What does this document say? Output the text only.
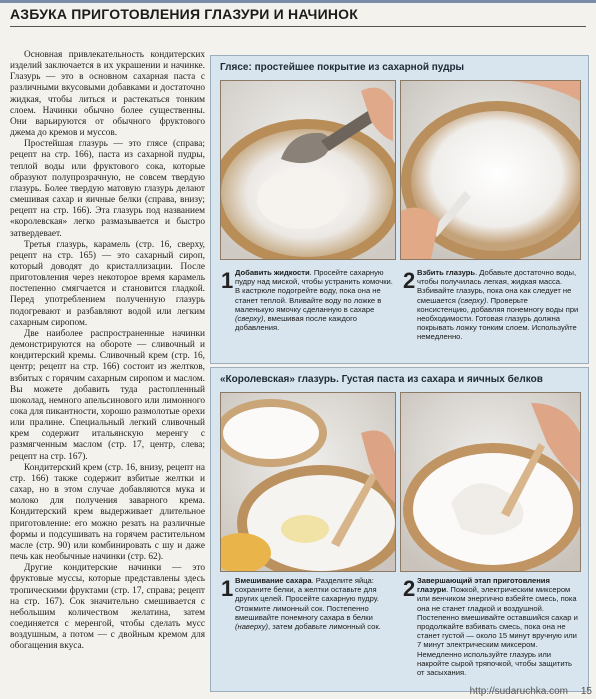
АЗБУКА ПРИГОТОВЛЕНИЯ ГЛАЗУРИ И НАЧИНОК

Основная привлекательность кондитерских изделий заключается в их украшении и начинке. Глазурь — это в основном сахарная паста с различными вкусовыми добавками и достаточно жидкая, чтобы литься и растекаться тонким слоем. Начинки обычно более существенны. Они варьируются от обычного фруктового джема до кремов и муссов.

Простейшая глазурь — это глясе (справа; рецепт на стр. 166), паста из сахарной пудры, теплой воды или фруктового сока, которые образуют полупрозрачную, не совсем твердую глазурь. Более твердую матовую глазурь делают смешивая сахар и яичные белки (справа, внизу; рецепт на стр. 166). Эта глазурь под названием «королевская» легко размазывается и быстро затвердевает.

Третья глазурь, карамель (стр. 16, сверху, рецепт на стр. 165) — это сахарный сироп, который доводят до кристаллизации. После приготовления через некоторое время карамель постепенно смягчается и становится гладкой. Перед употреблением полученную глазурь подогревают и разбавляют водой или легким сахарным сиропом.

Две наиболее распространенные начинки демонстрируются на обороте — сливочный и кондитерский кремы. Сливочный крем (стр. 16, центр; рецепт на стр. 166) состоит из желтков, взбитых с горячим сахарным сиропом и маслом. Вы можете добавить туда растопленный шоколад, немного апельсинового или лимонного сока для пикантности, хорошо размолотые орехи или пралине. Специальный легкий сливочный крем содержит итальянскую меренгу с размягченным маслом (стр. 17, центр, слева; рецепт на стр. 167).

Кондитерский крем (стр. 16, внизу, рецепт на стр. 166) также содержит взбитые желтки и сахар, но в этом случае добавляются мука и молоко для получения заварного крема. Кондитерский крем выдерживает длительное приготовление: его можно резать на различные формы и подсушивать на горячем растительном масле (стр. 90) или комбинировать с шу и даже печь как необычные начинки (стр. 62).

Другие кондитерские начинки — это фруктовые муссы, которые представлены здесь тропическими фруктами (стр. 17, справа; рецепт на стр. 167). Сок значительно смешивается с небольшим количеством желатина, затем соединяется с меренгой, чтобы сделать мусс воздушным, а потом — с двойным кремом для обогащения вкуса.

Глясе: простейшее покрытие из сахарной пудры
1 Добавить жидкости. Просейте сахарную пудру над миской, чтобы устранить комочки. В кастрюле подогрейте воду, пока она не станет теплой. Вливайте воду по ложке в маленькую ямочку сделанную в сахаре (сверху), вмешивая после каждого добавления.
2 Взбить глазурь. Добавьте достаточно воды, чтобы получилась легкая, жидкая масса. Взбивайте глазурь, пока она как следует не смешается (сверху). Проверьте консистенцию, добавляя понемногу воды при необходимости. Готовая глазурь должна покрывать ложку тонким слоем. Используйте немедленно.
«Королевская» глазурь. Густая паста из сахара и яичных белков
1 Вмешивание сахара. Разделите яйца: сохраните белки, а желтки оставьте для других целей. Просейте сахарную пудру. Отожмите лимонный сок. Постепенно вмешивайте понемногу сахара в белки (наверху), затем добавьте лимонный сок.
2 Завершающий этап приготовления глазури. Пожкой, электрическим миксером или венчиком энергично взбейте смесь, пока она не станет гладкой и воздушной. Постепенно вмешивайте оставшийся сахар и продолжайте взбивать смесь, пока она не станет густой — около 15 минут вручную или 7 минут электрическим миксером. Немедленно используйте глазурь или накройте сырой тряпочкой, чтобы защитить от засыхания.
http://sudaruchka.com 15
